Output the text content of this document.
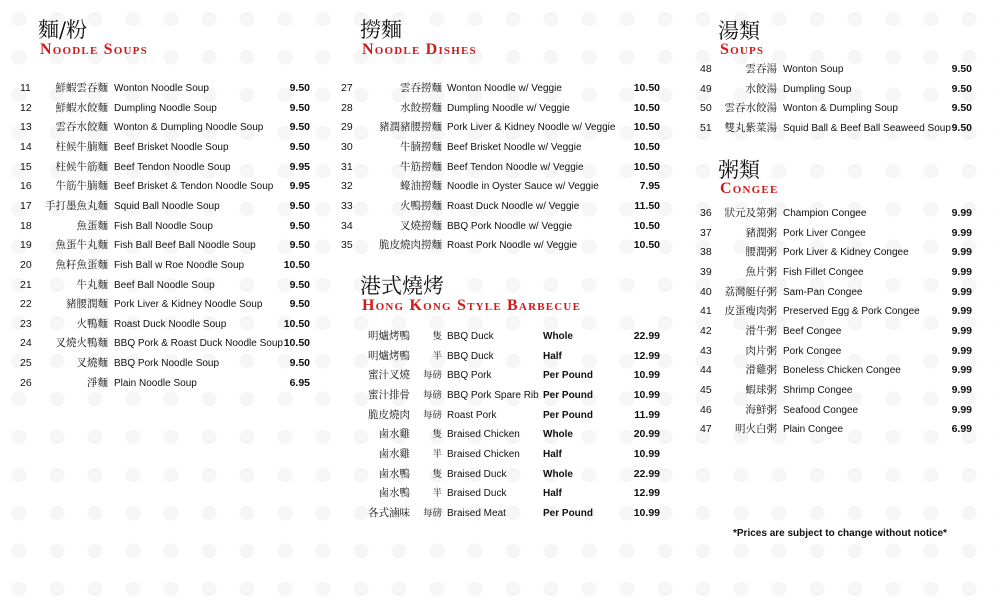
麵/粉
Noodle Soups
撈麵
Noodle Dishes
港式燒烤
Hong Kong Style Barbecue
湯類
Soups
粥類
Congee
11 鮮蝦雲吞麵 Wonton Noodle Soup	9.50
12 鮮蝦水餃麵 Dumpling Noodle Soup	9.50
13 雲吞水餃麵 Wonton & Dumpling Noodle Soup 9.50
14 柱候牛腩麵 Beef Brisket Noodle Soup	9.50
15 柱候牛筋麵 Beef Tendon Noodle Soup	9.95
16 牛筋牛腩麵 Beef Brisket & Tendon Noodle Soup 9.95
17 手打墨魚丸麵 Squid Ball Noodle Soup	9.50
18	魚蛋麵 Fish Ball Noodle Soup	9.50
19 魚蛋牛丸麵 Fish Ball Beef Ball Noodle Soup	9.50
20 魚籽魚蛋麵 Fish Ball w Roe Noodle Soup	10.50
21	牛丸麵 Beef Ball Noodle Soup	9.50
22	豬腰潤麵 Pork Liver & Kidney Noodle Soup	9.50
23	火鴨麵 Roast Duck Noodle Soup	10.50
24 叉燒火鴨麵 BBQ Pork & Roast Duck Noodle Soup 10.50
25	叉燒麵 BBQ Pork Noodle Soup	9.50
26	淨麵 Plain Noodle Soup	6.95
27	雲吞撈麵 Wonton Noodle w/ Veggie	10.50
28	水餃撈麵 Dumpling Noodle w/ Veggie	10.50
29	豬潤豬腰撈麵 Pork Liver & Kidney Noodle w/ Veggie 10.50
30	牛腩撈麵 Beef Brisket Noodle w/ Veggie	10.50
31	牛筋撈麵 Beef Tendon Noodle w/ Veggie	10.50
32	蠔油撈麵 Noodle in Oyster Sauce w/ Veggie	7.95
33	火鴨撈麵 Roast Duck Noodle w/ Veggie	11.50
34	叉燒撈麵 BBQ Pork Noodle w/ Veggie	10.50
35	脆皮燒肉撈麵 Roast Pork Noodle w/ Veggie	10.50
明爐烤鴨 隻 BBQ Duck	Whole	22.99
明爐烤鴨 半 BBQ Duck	Half	12.99
蜜汁叉燒 每磅 BBQ Pork	Per Pound	10.99
蜜汁排骨 每磅 BBQ Pork Spare Rib Per Pound	10.99
脆皮燒肉 每磅 Roast Pork	Per Pound	11.99
鹵水雞 隻 Braised Chicken Whole	20.99
鹵水雞 半 Braised Chicken Half	10.99
鹵水鴨 隻 Braised Duck	Whole	22.99
鹵水鴨 半 Braised Duck	Half	12.99
各式滷味 每磅 Braised Meat	Per Pound	10.99
48	雲吞湯 Wonton Soup	9.50
49	水餃湯 Dumpling Soup	9.50
50 雲吞水餃湯 Wonton & Dumpling Soup	9.50
51 雙丸紫菜湯 Squid Ball & Beef Ball Seaweed Soup 9.50
36 狀元及第粥 Champion Congee	9.99
37	豬潤粥 Pork Liver Congee	9.99
38	腰潤粥 Pork Liver & Kidney Congee	9.99
39	魚片粥 Fish Fillet Congee	9.99
40 荔灣艇仔粥 Sam-Pan Congee	9.99
41 皮蛋瘦肉粥 Preserved Egg & Pork Congee	9.99
42	滑牛粥 Beef Congee	9.99
43	肉片粥 Pork Congee	9.99
44	滑雞粥 Boneless Chicken Congee	9.99
45	蝦球粥 Shrimp Congee	9.99
46	海鮮粥 Seafood Congee	9.99
47 明火白粥 Plain Congee	6.99
*Prices are subject to change without notice*
